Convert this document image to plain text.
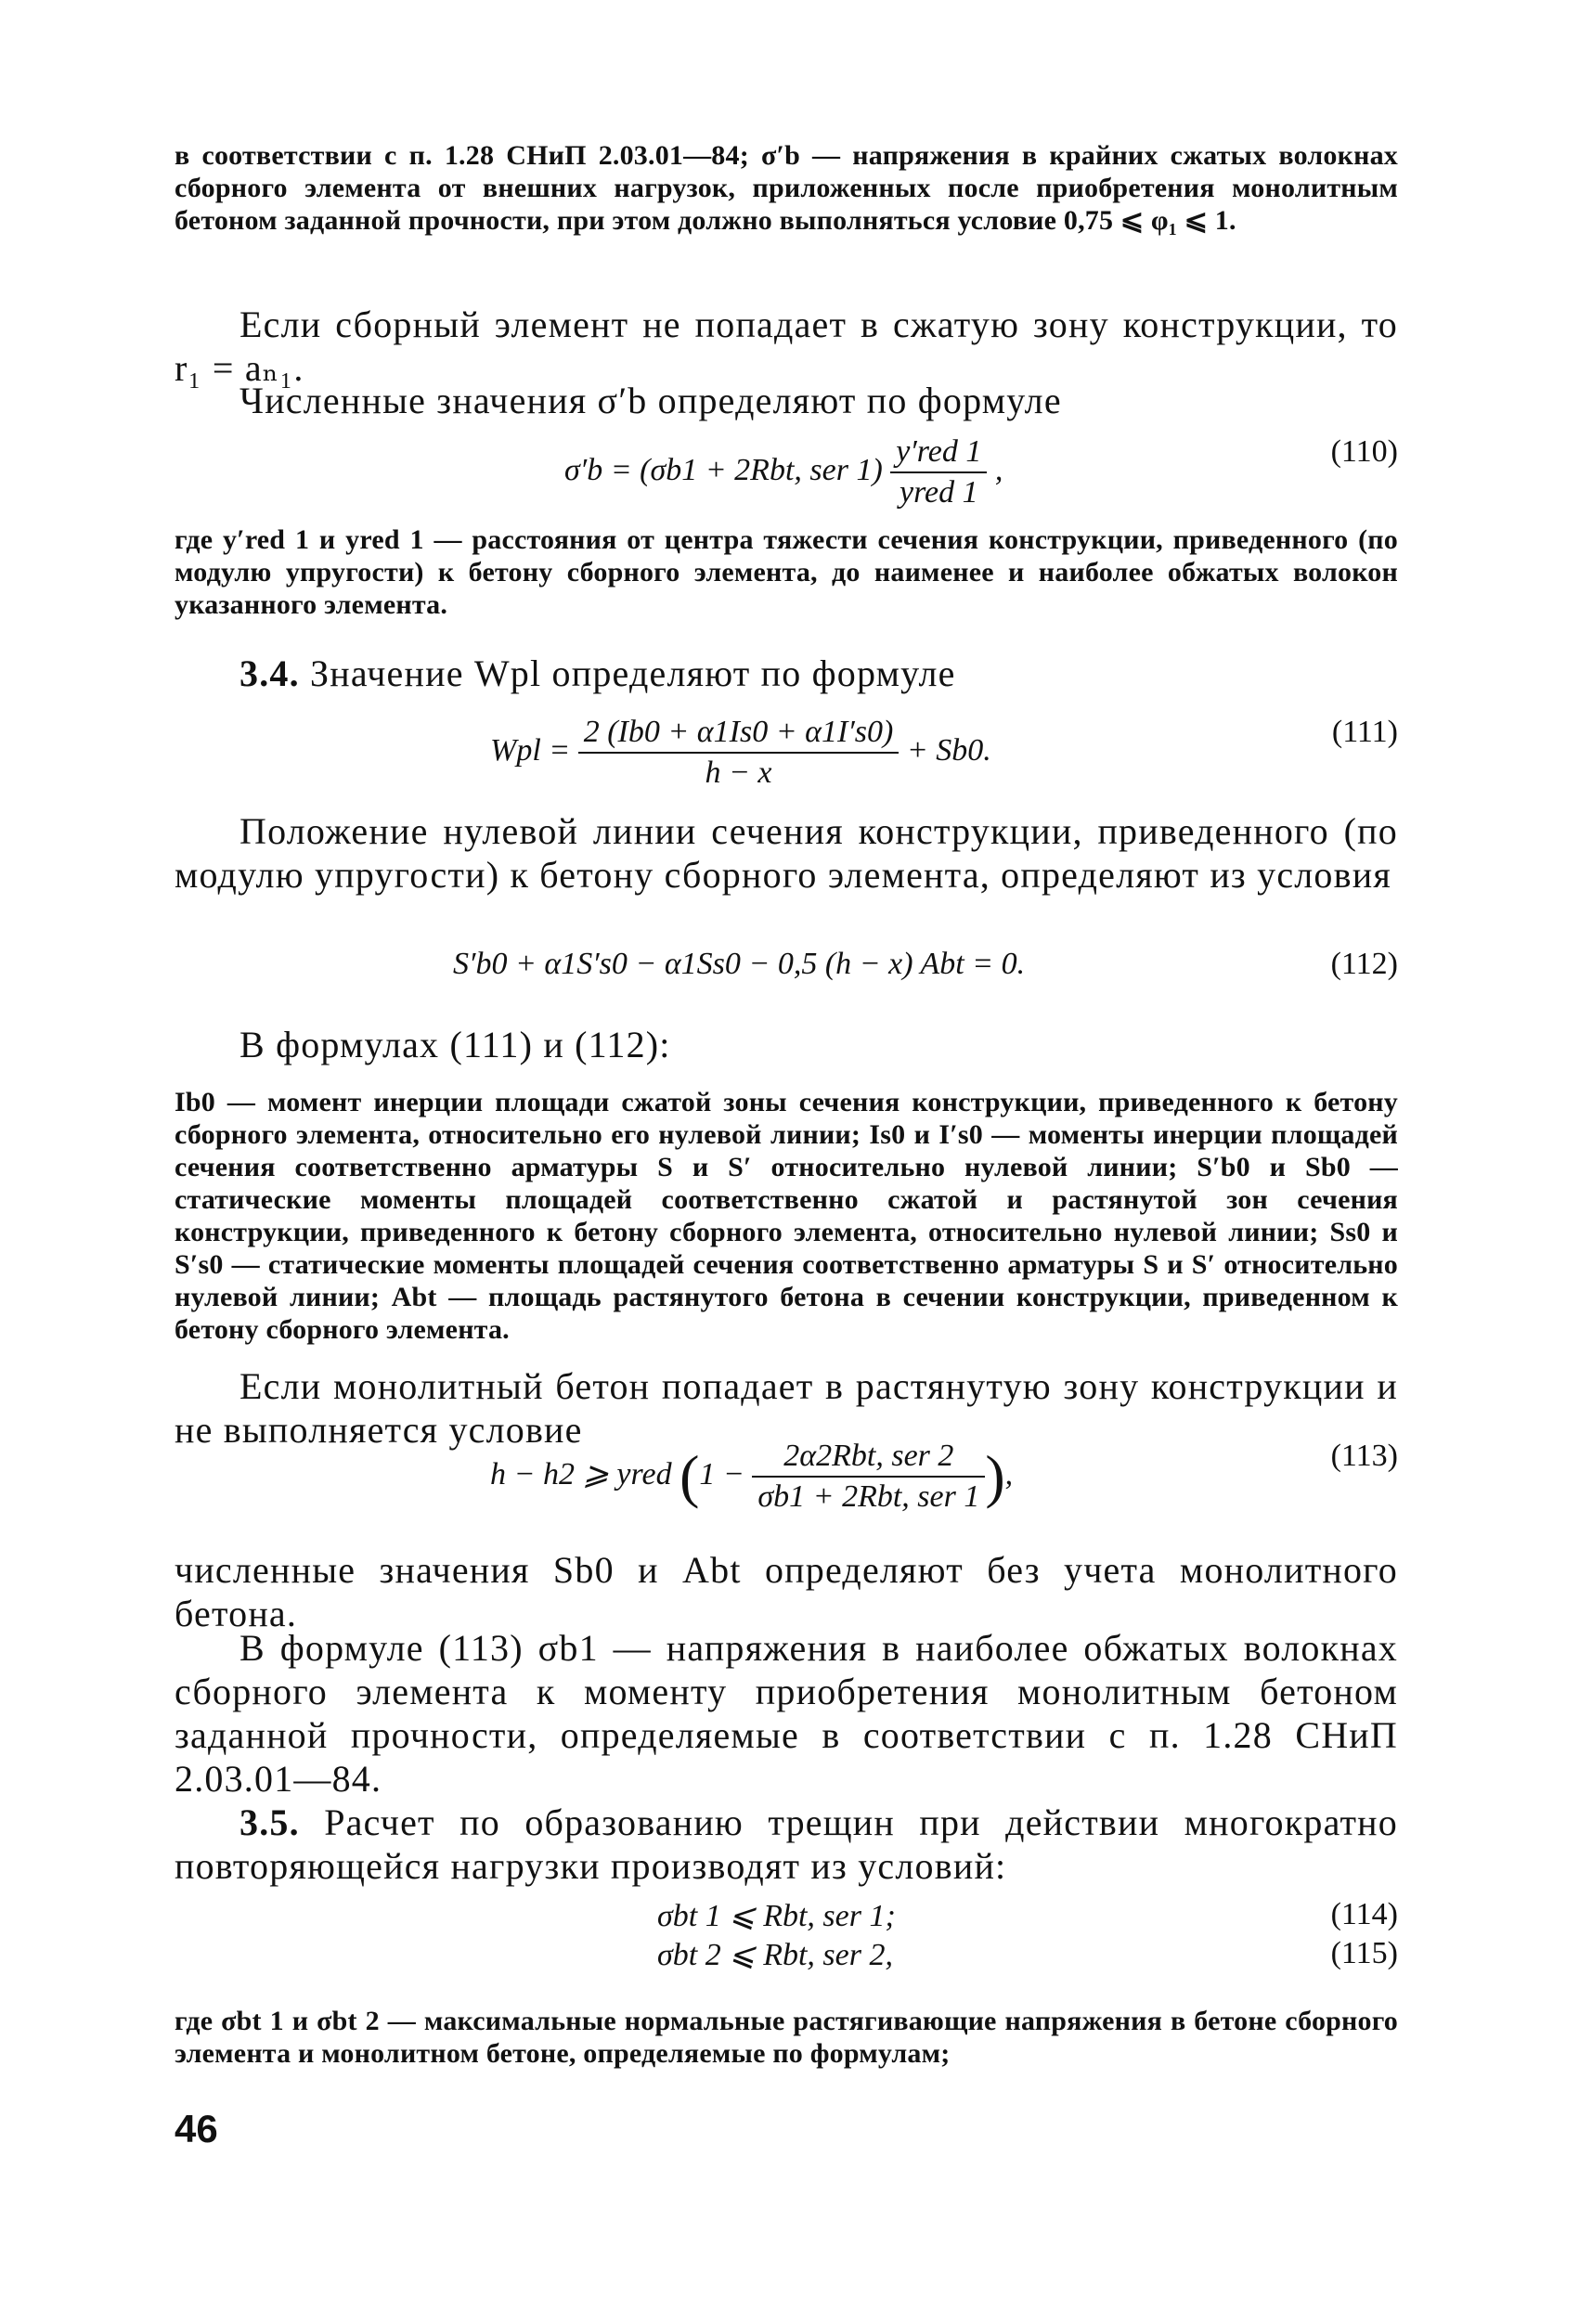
в соответствии с п. 1.28 СНиП 2.03.01—84; σ′b — напряжения в крайних сжатых волокнах сборного элемента от внешних нагрузок, приложенных после приобретения монолитным бетоном заданной прочности, при этом должно выполняться условие 0,75 ⩽ φ₁ ⩽ 1.
Если сборный элемент не попадает в сжатую зону конструкции, то r₁ = aₙ₁.
Численные значения σ′b определяют по формуле
σ′b = (σb1 + 2Rbt, ser $1) \frac{\text{y′red 1}}{\text{yred 1}}$ ,
(110)
где y′red 1 и yred 1 — расстояния от центра тяжести сечения конструкции, приведенного (по модулю упругости) к бетону сборного элемента, до наименее и наиболее обжатых волокон указанного элемента.
3.4. Значение Wpl определяют по формуле
Wpl = $\frac{2 (Ib0 + \alpha 1Is0 + \alpha 1I's0)}{h - x} + Sb0$.
(111)
Положение нулевой линии сечения конструкции, приведенного (по модулю упругости) к бетону сборного элемента, определяют из условия
S′b0 + α1S′s0 − α1Ss0 − 0,5 (h − x) Abt = 0.	(112)
В формулах (111) и (112):
Ib0 — момент инерции площади сжатой зоны сечения конструкции, приведенного к бетону сборного элемента, относительно его нулевой линии; Is0 и I′s0 — моменты инерции площадей сечения соответственно арматуры S и S′ относительно нулевой линии; S′b0 и Sb0 — статические моменты площадей соответственно сжатой и растянутой зон сечения конструкции, приведенного к бетону сборного элемента, относительно нулевой линии; Ss0 и S′s0 — статические моменты площадей сечения соответственно арматуры S и S′ относительно нулевой линии; Abt — площадь растянутого бетона в сечении конструкции, приведенном к бетону сборного элемента.
Если монолитный бетон попадает в растянутую зону конструкции и не выполняется условие
h − h2 ⩾ yred ($1 - \frac{\text{2α2Rbt, ser 2}}{\text{σb1 + 2Rbt, ser 1}}$ ),
(113)
численные значения Sb0 и Abt определяют без учета монолитного бетона.
В формуле (113) σb1 — напряжения в наиболее обжатых волокнах сборного элемента к моменту приобретения монолитным бетоном заданной прочности, определяемые в соответствии с п. 1.28 СНиП 2.03.01—84.
3.5. Расчет по образованию трещин при действии многократно повторяющейся нагрузки производят из условий:
σbt 1 ⩽ Rbt, ser 1;	(114)
σbt 2 ⩽ Rbt, ser 2,	(115)
где σbt 1 и σbt 2 — максимальные нормальные растягивающие напряжения в бетоне сборного элемента и монолитном бетоне, определяемые по формулам;
46
